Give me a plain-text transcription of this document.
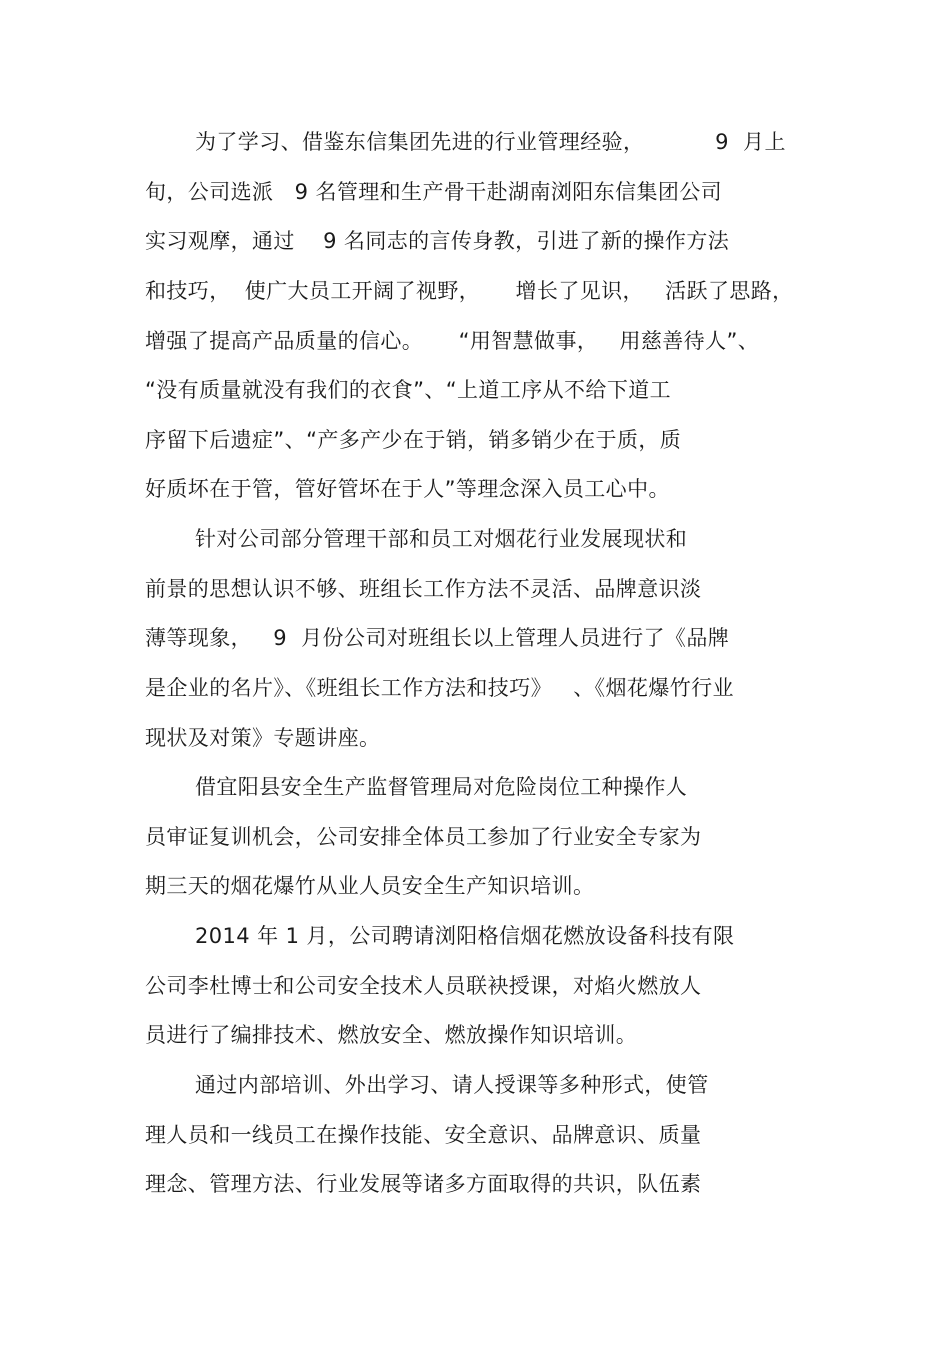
为了学习、借鉴东信集团先进的行业管理经验，          9  月上
旬，公司选派   9 名管理和生产骨干赴湖南浏阳东信集团公司
实习观摩，通过    9 名同志的言传身教，引进了新的操作方法
和技巧，  使广大员工开阔了视野，     增长了见识，   活跃了思路，
增强了提高产品质量的信心。     “用智慧做事，   用慈善待人”、
“没有质量就没有我们的衣食”、“上道工序从不给下道工
序留下后遗症”、“产多产少在于销，销多销少在于质，质
好质坏在于管，管好管坏在于人”等理念深入员工心中。
针对公司部分管理干部和员工对烟花行业发展现状和
前景的思想认识不够、班组长工作方法不灵活、品牌意识淡
薄等现象，   9  月份公司对班组长以上管理人员进行了《品牌
是企业的名片》、《班组长工作方法和技巧》   、《烟花爆竹行业
现状及对策》专题讲座。
借宜阳县安全生产监督管理局对危险岗位工种操作人
员审证复训机会，公司安排全体员工参加了行业安全专家为
期三天的烟花爆竹从业人员安全生产知识培训。
2014 年 1 月，公司聘请浏阳格信烟花燃放设备科技有限
公司李杜博士和公司安全技术人员联袂授课，对焰火燃放人
员进行了编排技术、燃放安全、燃放操作知识培训。
通过内部培训、外出学习、请人授课等多种形式，使管
理人员和一线员工在操作技能、安全意识、品牌意识、质量
理念、管理方法、行业发展等诸多方面取得的共识，队伍素
